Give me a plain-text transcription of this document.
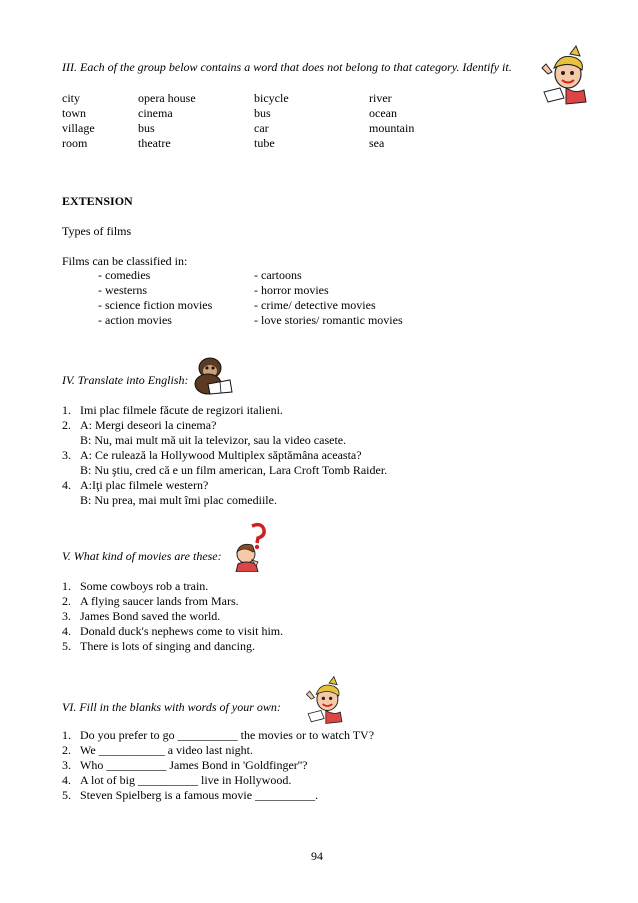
III. Each of the group below contains a word that does not belong to that category. Identify it.
city	opera house	bicycle	river
town	cinema	bus	ocean
village	bus	car	mountain
room	theatre	tube	sea
EXTENSION
Types of films
Films can be classified in:
- comedies
- westerns
- science fiction movies
- action movies
- cartoons
- horror movies
- crime/ detective movies
- love stories/ romantic movies
IV. Translate into English:
1. Imi plac filmele făcute de regizori italieni.
2. A: Mergi deseori la cinema?
B: Nu, mai mult mă uit la televizor, sau la video casete.
3. A: Ce rulează la Hollywood Multiplex săptămâna aceasta?
B: Nu ştiu, cred că e un film american, Lara Croft Tomb Raider.
4. A:Iţi plac filmele western?
B: Nu prea, mai mult îmi plac comediile.
V. What kind of movies are these:
1. Some cowboys rob a train.
2. A flying saucer lands from Mars.
3. James Bond saved the world.
4. Donald duck's nephews come to visit him.
5. There is lots of singing and dancing.
VI. Fill in the blanks with words of your own:
1. Do you prefer to go __________ the movies or to watch TV?
2. We ___________ a video last night.
3. Who __________ James Bond in 'Goldfinger''?
4. A lot of big __________ live in Hollywood.
5. Steven Spielberg is a famous movie __________.
94
